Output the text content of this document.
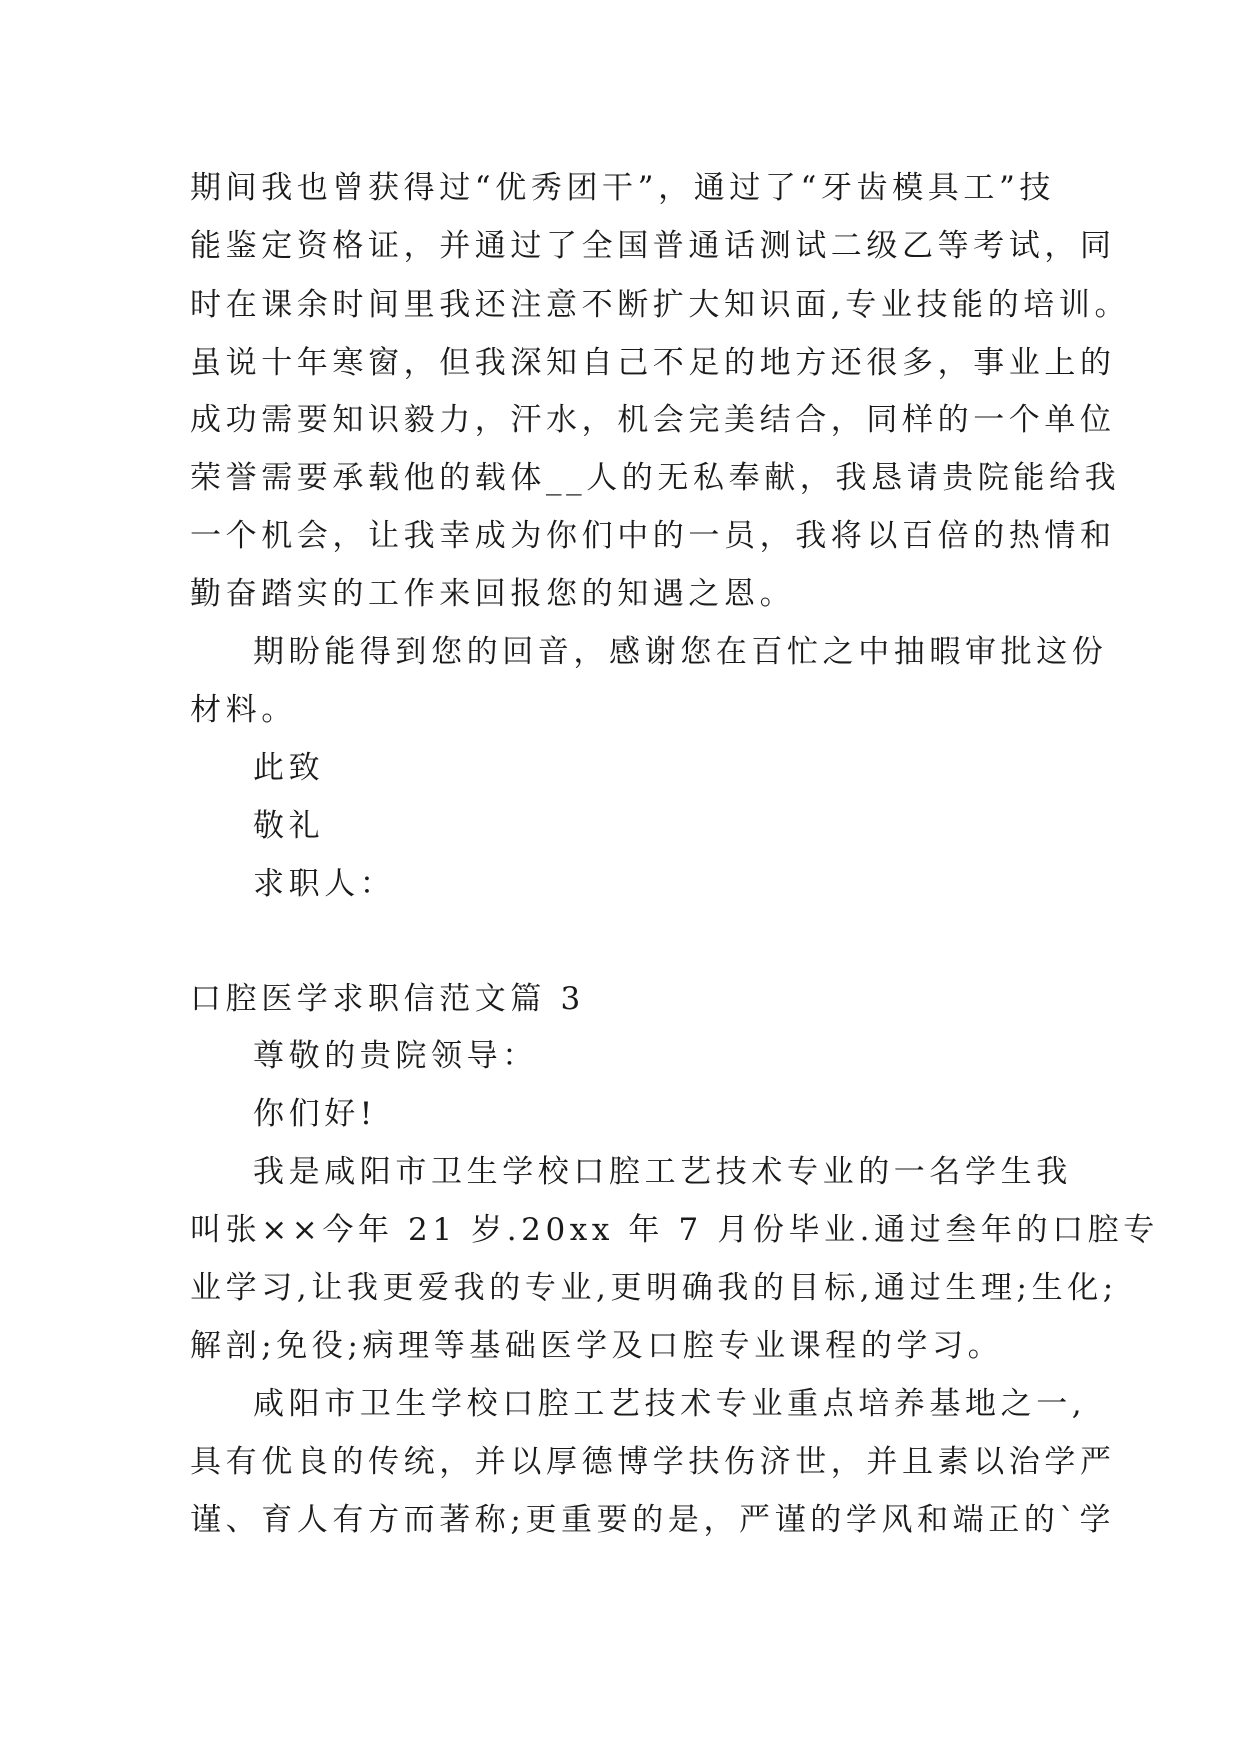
期间我也曾获得过“优秀团干”，通过了“牙齿模具工”技
能鉴定资格证，并通过了全国普通话测试二级乙等考试，同
时在课余时间里我还注意不断扩大知识面,专业技能的培训。
虽说十年寒窗，但我深知自己不足的地方还很多，事业上的
成功需要知识毅力，汗水，机会完美结合，同样的一个单位
荣誉需要承载他的载体__人的无私奉献，我恳请贵院能给我
一个机会，让我幸成为你们中的一员，我将以百倍的热情和
勤奋踏实的工作来回报您的知遇之恩。
期盼能得到您的回音，感谢您在百忙之中抽暇审批这份
材料。
此致
敬礼
求职人：
口腔医学求职信范文篇 3
尊敬的贵院领导：
你们好!
我是咸阳市卫生学校口腔工艺技术专业的一名学生我
叫张××今年 21 岁.20xx 年 7 月份毕业.通过叁年的口腔专
业学习,让我更爱我的专业,更明确我的目标,通过生理;生化;
解剖;免役;病理等基础医学及口腔专业课程的学习。
咸阳市卫生学校口腔工艺技术专业重点培养基地之一,
具有优良的传统，并以厚德博学扶伤济世，并且素以治学严
谨、育人有方而著称;更重要的是，严谨的学风和端正的`学
